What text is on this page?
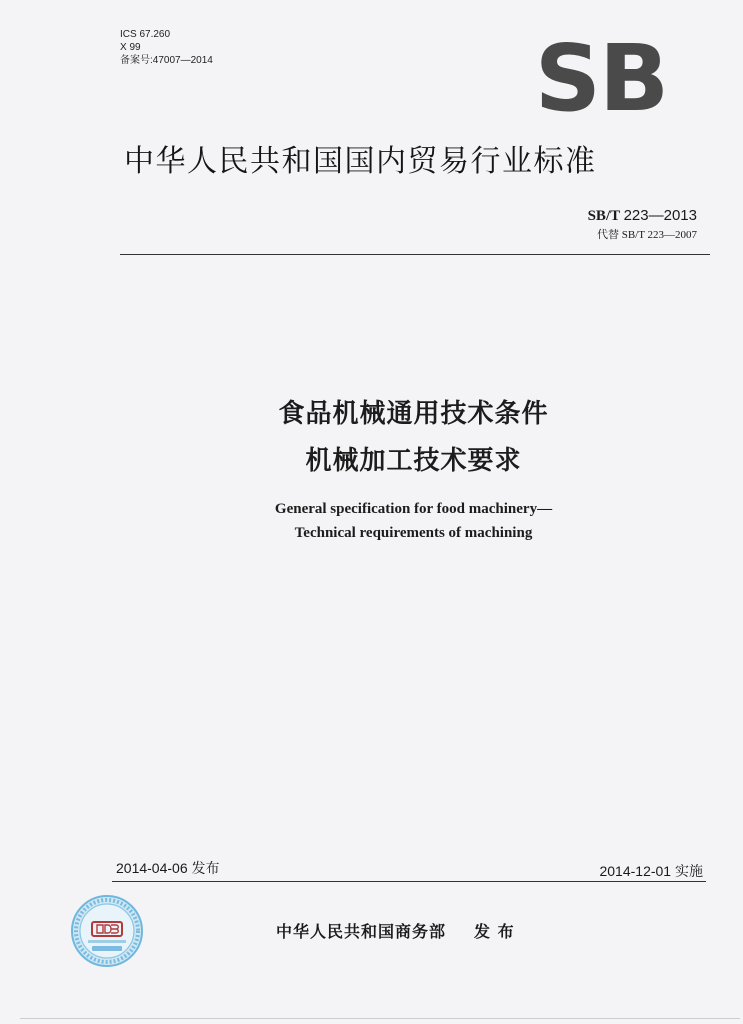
ICS 67.260
X 99
备案号:47007—2014	SB
中华人民共和国国内贸易行业标准
SB/T 223—2013
代替 SB/T 223—2007
食品机械通用技术条件
机械加工技术要求
General specification for food machinery—
Technical requirements of machining
2014-04-06 发布	2014-12-01 实施
中华人民共和国商务部 发 布
